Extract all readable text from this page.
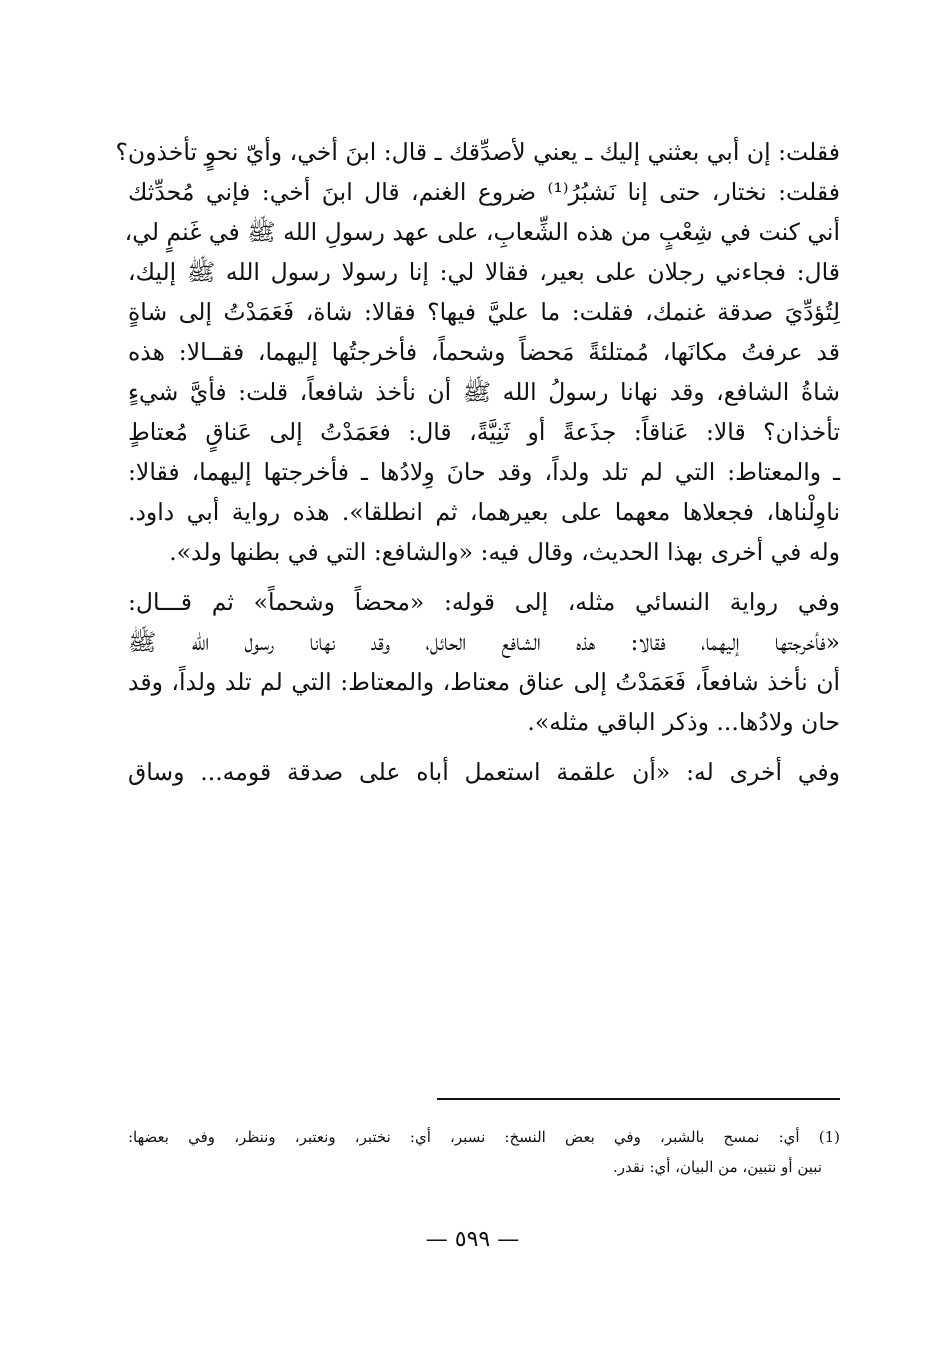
فقلت: إن أبي بعثني إليك ـ يعني لأصدِّقك ـ قال: ابنَ أخي، وأيّ نحوٍ تأخذون؟
فقلت: نختار، حتى إنا نَشبُرُ⁽¹⁾ ضروع الغنم، قال ابنَ أخي: فإني مُحدِّثك
أني كنت في شِعْبٍ من هذه الشِّعابِ، على عهد رسولِ الله ﷺ في غَنمٍ لي،
قال: فجاءني رجلان على بعير، فقالا لي: إنا رسولا رسول الله ﷺ إليك،
لِتُؤدِّيَ صدقة غنمك، فقلت: ما عليَّ فيها؟ فقالا: شاة، فَعَمَدْتُ إلى شاةٍ
قد عرفتُ مكانَها، مُمتلئةً مَحضاً وشحماً، فأخرجتُها إليهما، فقــالا: هذه
شاةُ الشافع، وقد نهانا رسولُ الله ﷺ أن نأخذ شافعاً، قلت: فأيَّ شيءٍ
تأخذان؟ قالا: عَناقاً: جذَعةً أو ثَنِيَّةً، قال: فعَمَدْتُ إلى عَناقٍ مُعتاطٍ
ـ والمعتاط: التي لم تلد ولداً، وقد حانَ وِلادُها ـ فأخرجتها إليهما، فقالا:
ناوِلْناها، فجعلاها معهما على بعيرهما، ثم انطلقا». هذه رواية أبي داود.
وله في أخرى بهذا الحديث، وقال فيه: «والشافع: التي في بطنها ولد».
وفي رواية النسائي مثله، إلى قوله: «محضاً وشحماً» ثم قـــال:
«فأخرجتها إليهما، فقالا: هذه الشافع الحائل، وقد نهانا رسول الله ﷺ
أن نأخذ شافعاً، فَعَمَدْتُ إلى عناق معتاط، والمعتاط: التي لم تلد ولداً، وقد
حان ولادُها... وذكر الباقي مثله».
وفي أخرى له: «أن علقمة استعمل أباه على صدقة قومه... وساق
(1) أي: نمسح بالشبر، وفي بعض النسخ: نسبر، أي: نختبر، ونعتبر، وننظر، وفي بعضها:
نبين أو نتبين، من البيان، أي: نقدر.
— ٥٩٩ —
